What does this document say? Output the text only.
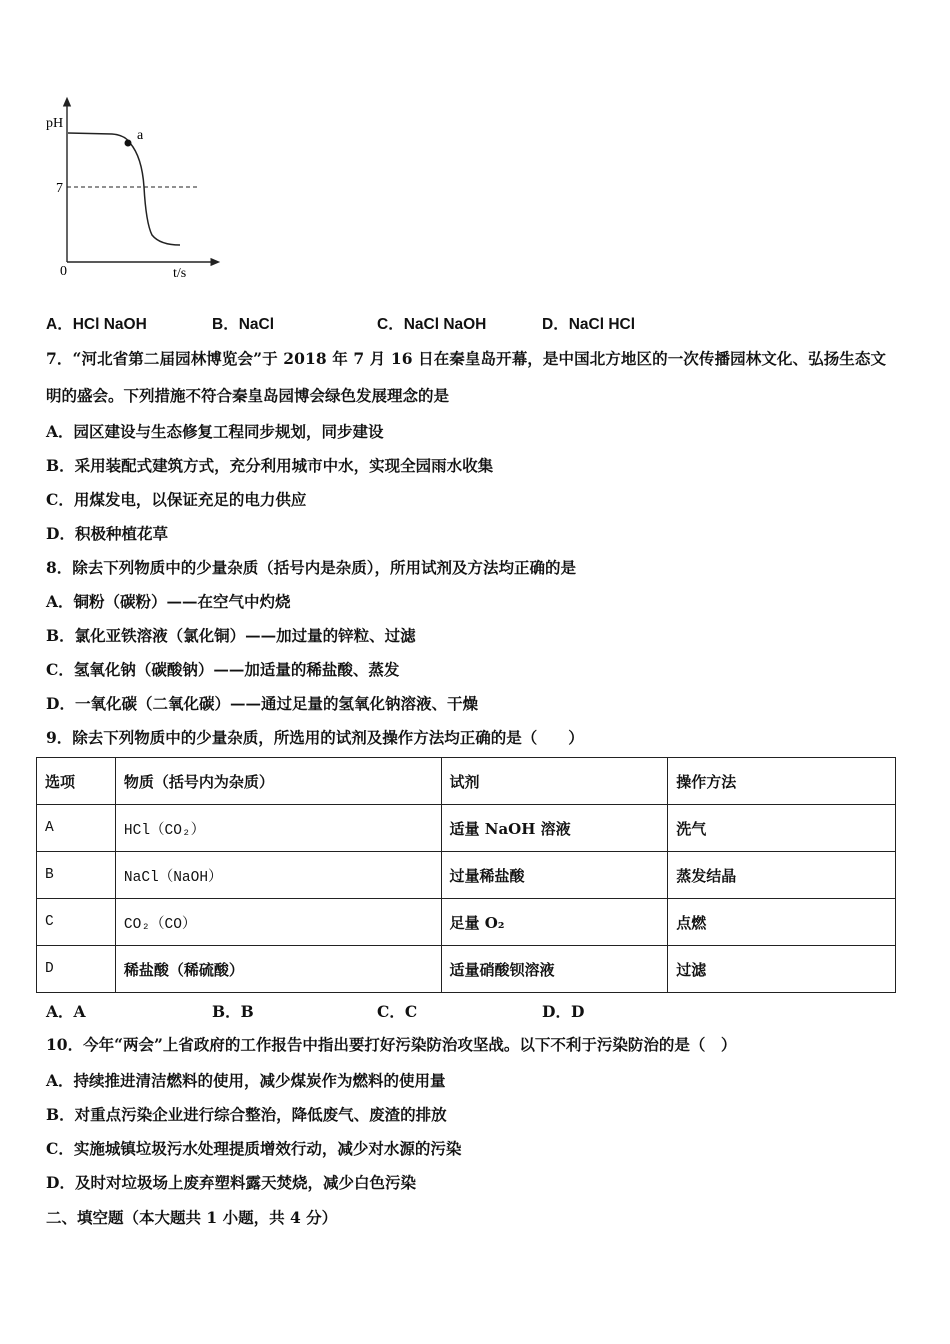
pH
t/s
0
7
a
A．HCl NaOH	B．NaCl	C．NaCl NaOH	D．NaCl HCl
7．“河北省第二届园林博览会”于 2018 年 7 月 16 日在秦皇岛开幕，是中国北方地区的一次传播园林文化、弘扬生态文
明的盛会。下列措施不符合秦皇岛园博会绿色发展理念的是
A．园区建设与生态修复工程同步规划，同步建设
B．采用装配式建筑方式，充分利用城市中水，实现全园雨水收集
C．用煤发电，以保证充足的电力供应
D．积极种植花草
8．除去下列物质中的少量杂质（括号内是杂质），所用试剂及方法均正确的是
A．铜粉（碳粉）——在空气中灼烧
B．氯化亚铁溶液（氯化铜）——加过量的锌粒、过滤
C．氢氧化钠（碳酸钠）——加适量的稀盐酸、蒸发
D．一氧化碳（二氧化碳）——通过足量的氢氧化钠溶液、干燥
9．除去下列物质中的少量杂质，所选用的试剂及操作方法均正确的是（　　）
选项	物质（括号内为杂质）	试剂	操作方法
A	HCl（CO₂）	适量 NaOH 溶液	洗气
B	NaCl（NaOH）	过量稀盐酸	蒸发结晶
C	CO₂（CO）	足量 O₂	点燃
D	稀盐酸（稀硫酸）	适量硝酸钡溶液	过滤
A．A	B．B	C．C	D．D
10．今年“两会”上省政府的工作报告中指出要打好污染防治攻坚战。以下不利于污染防治的是（　）
A．持续推进清洁燃料的使用，减少煤炭作为燃料的使用量
B．对重点污染企业进行综合整治，降低废气、废渣的排放
C．实施城镇垃圾污水处理提质增效行动，减少对水源的污染
D．及时对垃圾场上废弃塑料露天焚烧，减少白色污染
二、填空题（本大题共 1 小题，共 4 分）
